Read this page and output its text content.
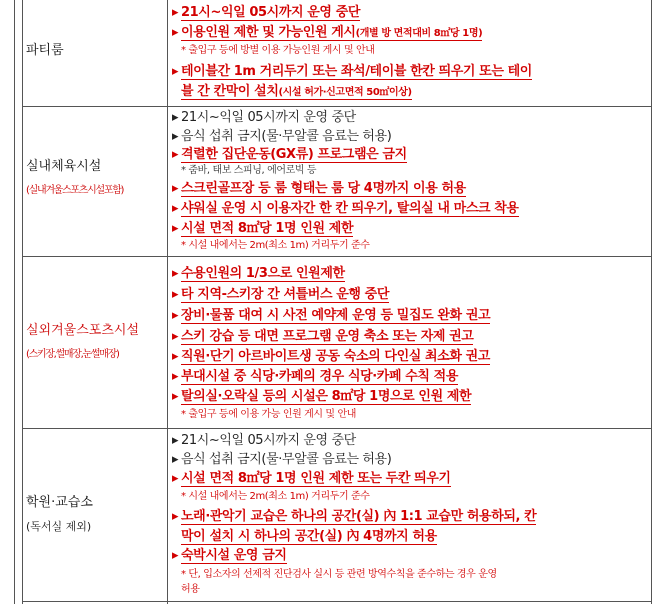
파티룸
▸ 21시~익일 05시까지 운영 중단
▸ 이용인원 제한 및 가능인원 게시(개별 방 면적대비 8㎡당 1명)
* 출입구 등에 방별 이용 가능인원 게시 및 안내
▸ 테이블간 1m 거리두기 또는 좌석/테이블 한칸 띄우기 또는 테이
블 간 칸막이 설치(시설 허가·신고면적 50㎡이상)
실내체육시설
(실내겨울스포츠시설포함)
▸ 21시~익일 05시까지 운영 중단
▸ 음식 섭취 금지(물·무알콜 음료는 허용)
▸ 격렬한 집단운동(GX류) 프로그램은 금지
* 줌바, 태보 스피닝, 에어로빅 등
▸ 스크린골프장 등 룸 형태는 룸 당 4명까지 이용 허용
▸ 샤워실 운영 시 이용자간 한 칸 띄우기, 탈의실 내 마스크 착용
▸ 시설 면적 8㎡당 1명 인원 제한
* 시설 내에서는 2m(최소 1m) 거리두기 준수
실외겨울스포츠시설
(스키장,썰매장,눈썰매장)
▸ 수용인원의 1/3으로 인원제한
▸ 타 지역-스키장 간 셔틀버스 운행 중단
▸ 장비·물품 대여 시 사전 예약제 운영 등 밀집도 완화 권고
▸ 스키 강습 등 대면 프로그램 운영 축소 또는 자제 권고
▸ 직원·단기 아르바이트생 공동 숙소의 다인실 최소화 권고
▸ 부대시설 중 식당·카페의 경우 식당·카페 수칙 적용
▸ 탈의실·오락실 등의 시설은 8㎡당 1명으로 인원 제한
* 출입구 등에 이용 가능 인원 게시 및 안내
학원·교습소
(독서실 제외)
▸ 21시~익일 05시까지 운영 중단
▸ 음식 섭취 금지(물·무알콜 음료는 허용)
▸ 시설 면적 8㎡당 1명 인원 제한 또는 두칸 띄우기
* 시설 내에서는 2m(최소 1m) 거리두기 준수
▸ 노래·관악기 교습은 하나의 공간(실) 內 1:1 교습만 허용하되, 칸
막이 설치 시 하나의 공간(실) 內 4명까지 허용
▸ 숙박시설 운영 금지
* 단, 입소자의 선제적 진단검사 실시 등 관련 방역수칙을 준수하는 경우 운영
허용
